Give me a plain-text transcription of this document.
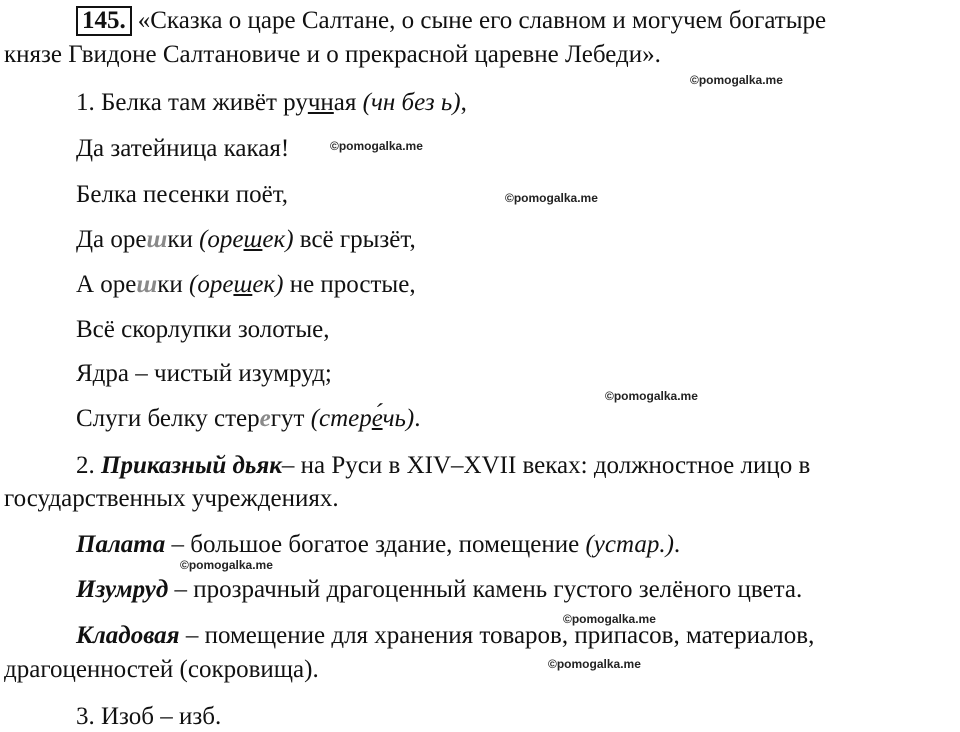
145. «Сказка о царе Салтане, о сыне его славном и могучем богатыре
князе Гвидоне Салтановиче и о прекрасной царевне Лебеди».
©pomogalka.me
1. Белка там живёт ручная (чн без ь),
Да затейница какая!	©pomogalka.me
Белка песенки поёт,	©pomogalka.me
Да орешки (орешек) всё грызёт,
А орешки (орешек) не простые,
Всё скорлупки золотые,
Ядра – чистый изумруд;
©pomogalka.me
Слуги белку стерегут (стере́чь).
2. Приказный дьяк– на Руси в XIV–XVII веках: должностное лицо в
государственных учреждениях.
Палата – большое богатое здание, помещение (устар.).
©pomogalka.me
Изумруд – прозрачный драгоценный камень густого зелёного цвета.
©pomogalka.me
Кладовая – помещение для хранения товаров, припасов, материалов,
©pomogalka.me
драгоценностей (сокровища).
3. Изоб – изб.
